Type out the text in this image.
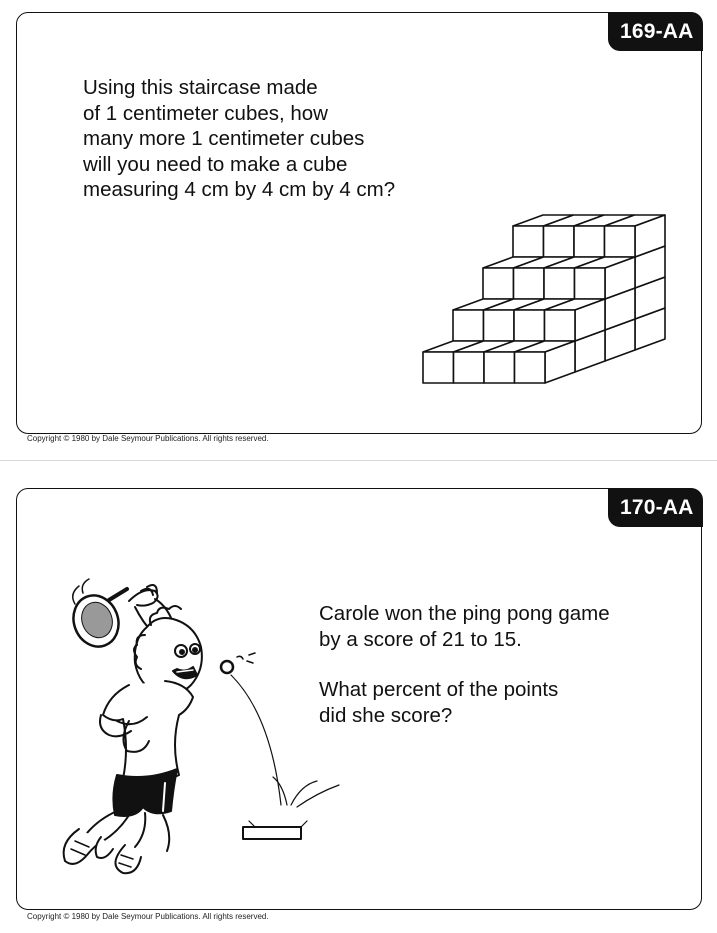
169-AA
Using this staircase made
of 1 centimeter cubes, how
many more 1 centimeter cubes
will you need to make a cube
measuring 4 cm by 4 cm by 4 cm?
Copyright © 1980 by Dale Seymour Publications. All rights reserved.
170-AA

Carole won the ping pong game
by a score of 21 to 15.

What percent of the points
did she score?

Copyright © 1980 by Dale Seymour Publications. All rights reserved.
